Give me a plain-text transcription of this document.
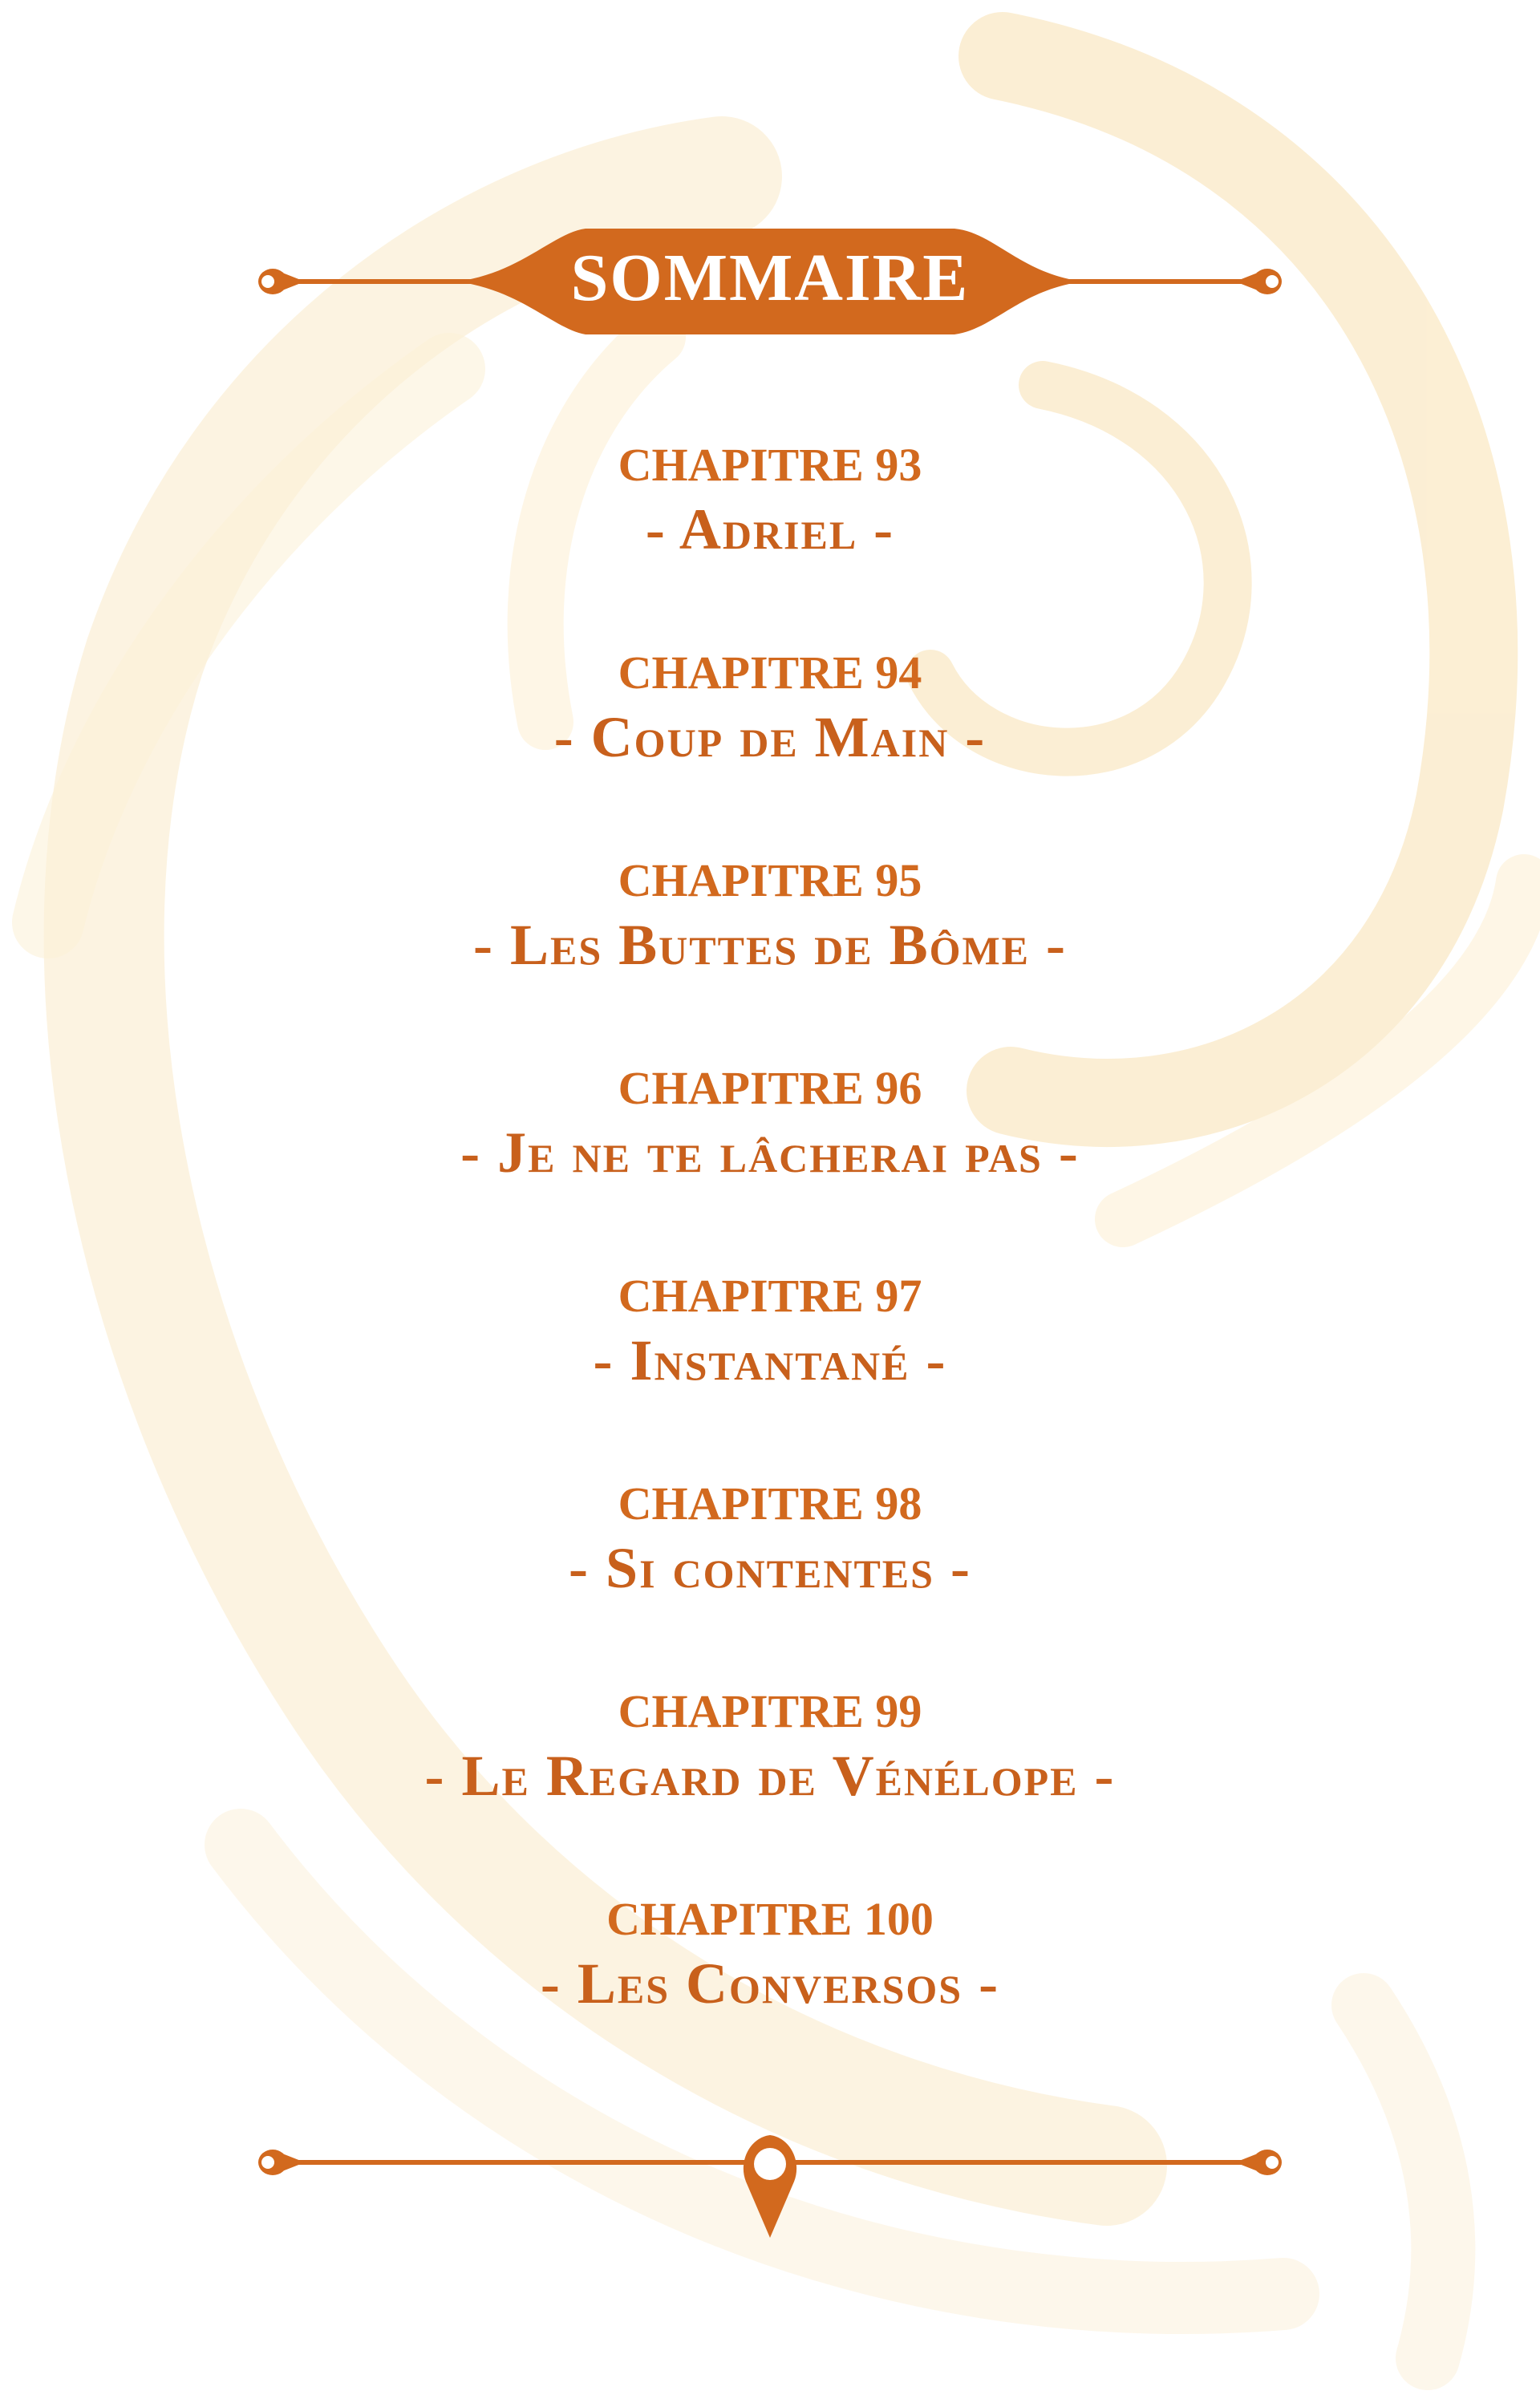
SOMMAIRE
CHAPITRE 93
- Adriel -
CHAPITRE 94
- Coup de Main -
CHAPITRE 95
- Les Buttes de Bôme -
CHAPITRE 96
- Je ne te lâcherai pas -
CHAPITRE 97
- Instantané -
CHAPITRE 98
- Si contentes -
CHAPITRE 99
- Le Regard de Vénélope -
CHAPITRE 100
- Les Conversos -
